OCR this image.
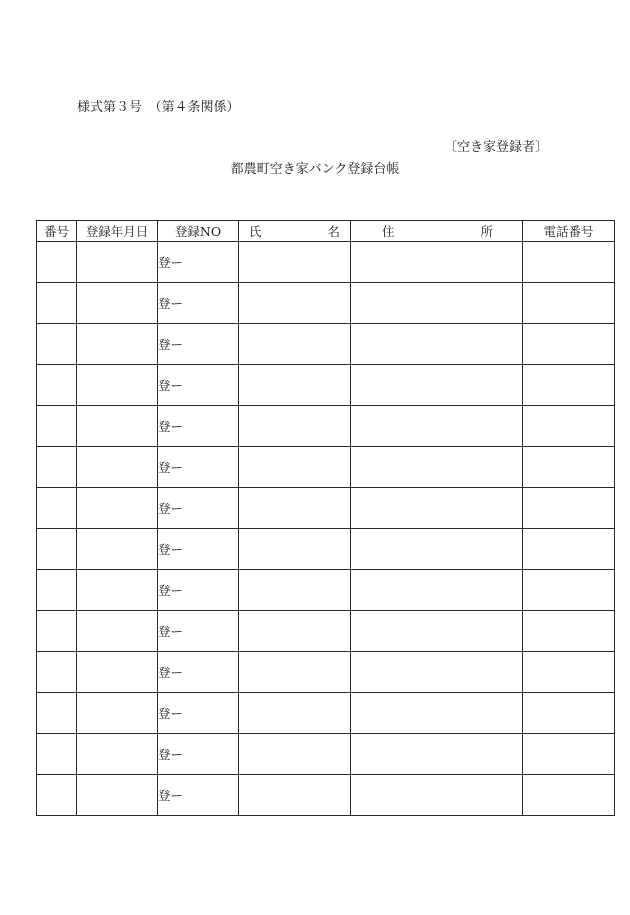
様式第３号　（第４条関係）
〔空き家登録者〕
都農町空き家バンク登録台帳
番号	登録年月日	登録NO	氏 名	住 所	電話番号
		登ー			
		登ー			
		登ー			
		登ー			
		登ー			
		登ー			
		登ー			
		登ー			
		登ー			
		登ー			
		登ー			
		登ー			
		登ー			
		登ー			
